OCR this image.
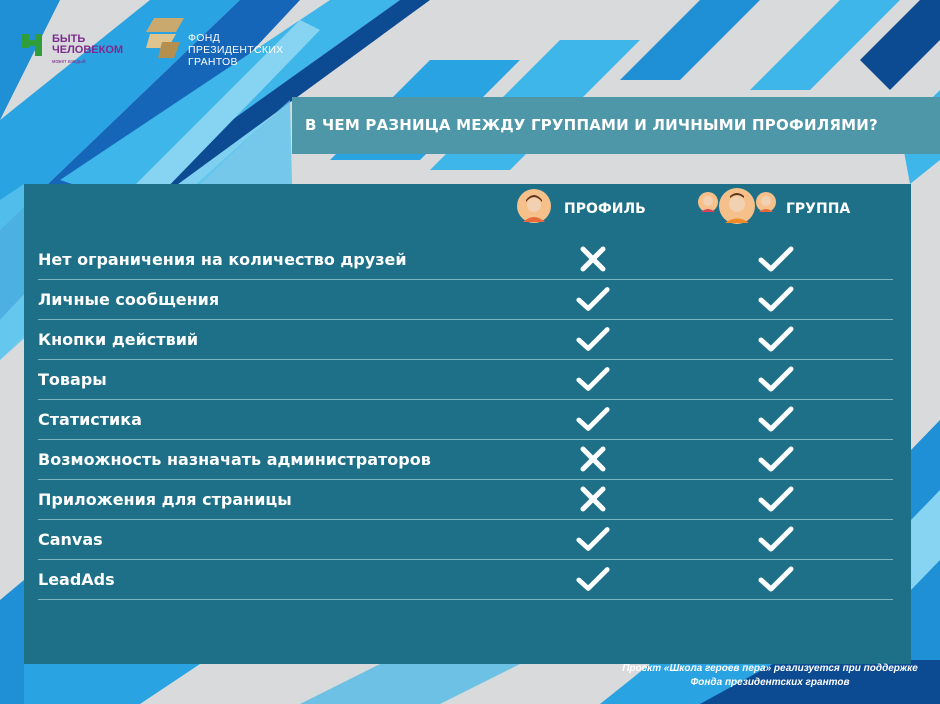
БЫТЬ
ЧЕЛОВЕКОМ
может каждый
ФОНД
ПРЕЗИДЕНТСКИХ
ГРАНТОВ
В ЧЕМ РАЗНИЦА МЕЖДУ ГРУППАМИ И ЛИЧНЫМИ ПРОФИЛЯМИ?
ПРОФИЛЬ	ГРУППА
Нет ограничения на количество друзей
Личные сообщения
Кнопки действий
Товары
Статистика
Возможность назначать администраторов
Приложения для страницы
Canvas
LeadAds
Проект «Школа героев пера» реализуется при поддержке
Фонда президентских грантов
